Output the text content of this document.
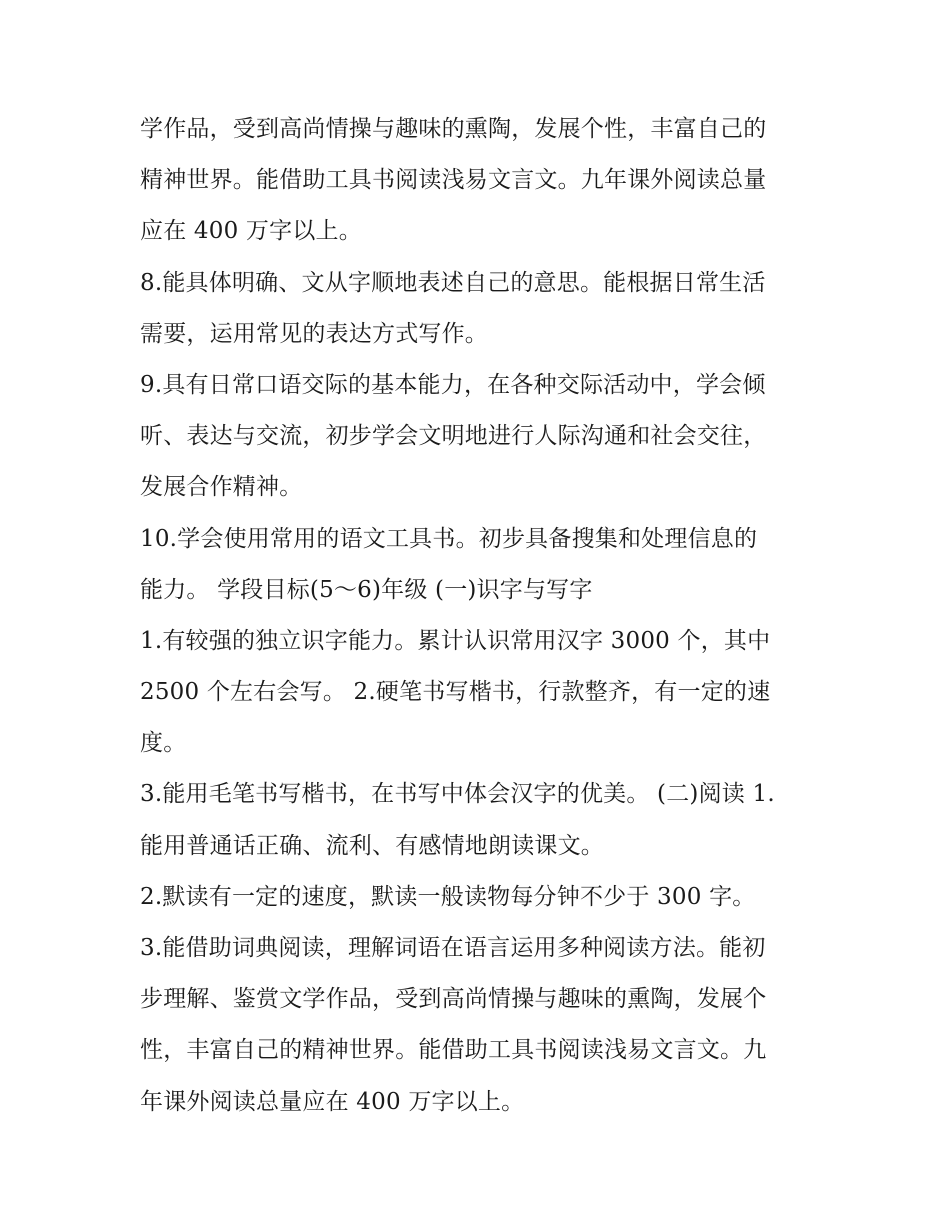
学作品，受到高尚情操与趣味的熏陶，发展个性，丰富自己的
精神世界。能借助工具书阅读浅易文言文。九年课外阅读总量
应在 400 万字以上。
8.能具体明确、文从字顺地表述自己的意思。能根据日常生活
需要，运用常见的表达方式写作。
9.具有日常口语交际的基本能力，在各种交际活动中，学会倾
听、表达与交流，初步学会文明地进行人际沟通和社会交往，
发展合作精神。
10.学会使用常用的语文工具书。初步具备搜集和处理信息的
能力。 学段目标(5～6)年级 (一)识字与写字
1.有较强的独立识字能力。累计认识常用汉字 3000 个，其中
2500 个左右会写。 2.硬笔书写楷书，行款整齐，有一定的速
度。
3.能用毛笔书写楷书，在书写中体会汉字的优美。 (二)阅读 1.
能用普通话正确、流利、有感情地朗读课文。
2.默读有一定的速度，默读一般读物每分钟不少于 300 字。
3.能借助词典阅读，理解词语在语言运用多种阅读方法。能初
步理解、鉴赏文学作品，受到高尚情操与趣味的熏陶，发展个
性，丰富自己的精神世界。能借助工具书阅读浅易文言文。九
年课外阅读总量应在 400 万字以上。
